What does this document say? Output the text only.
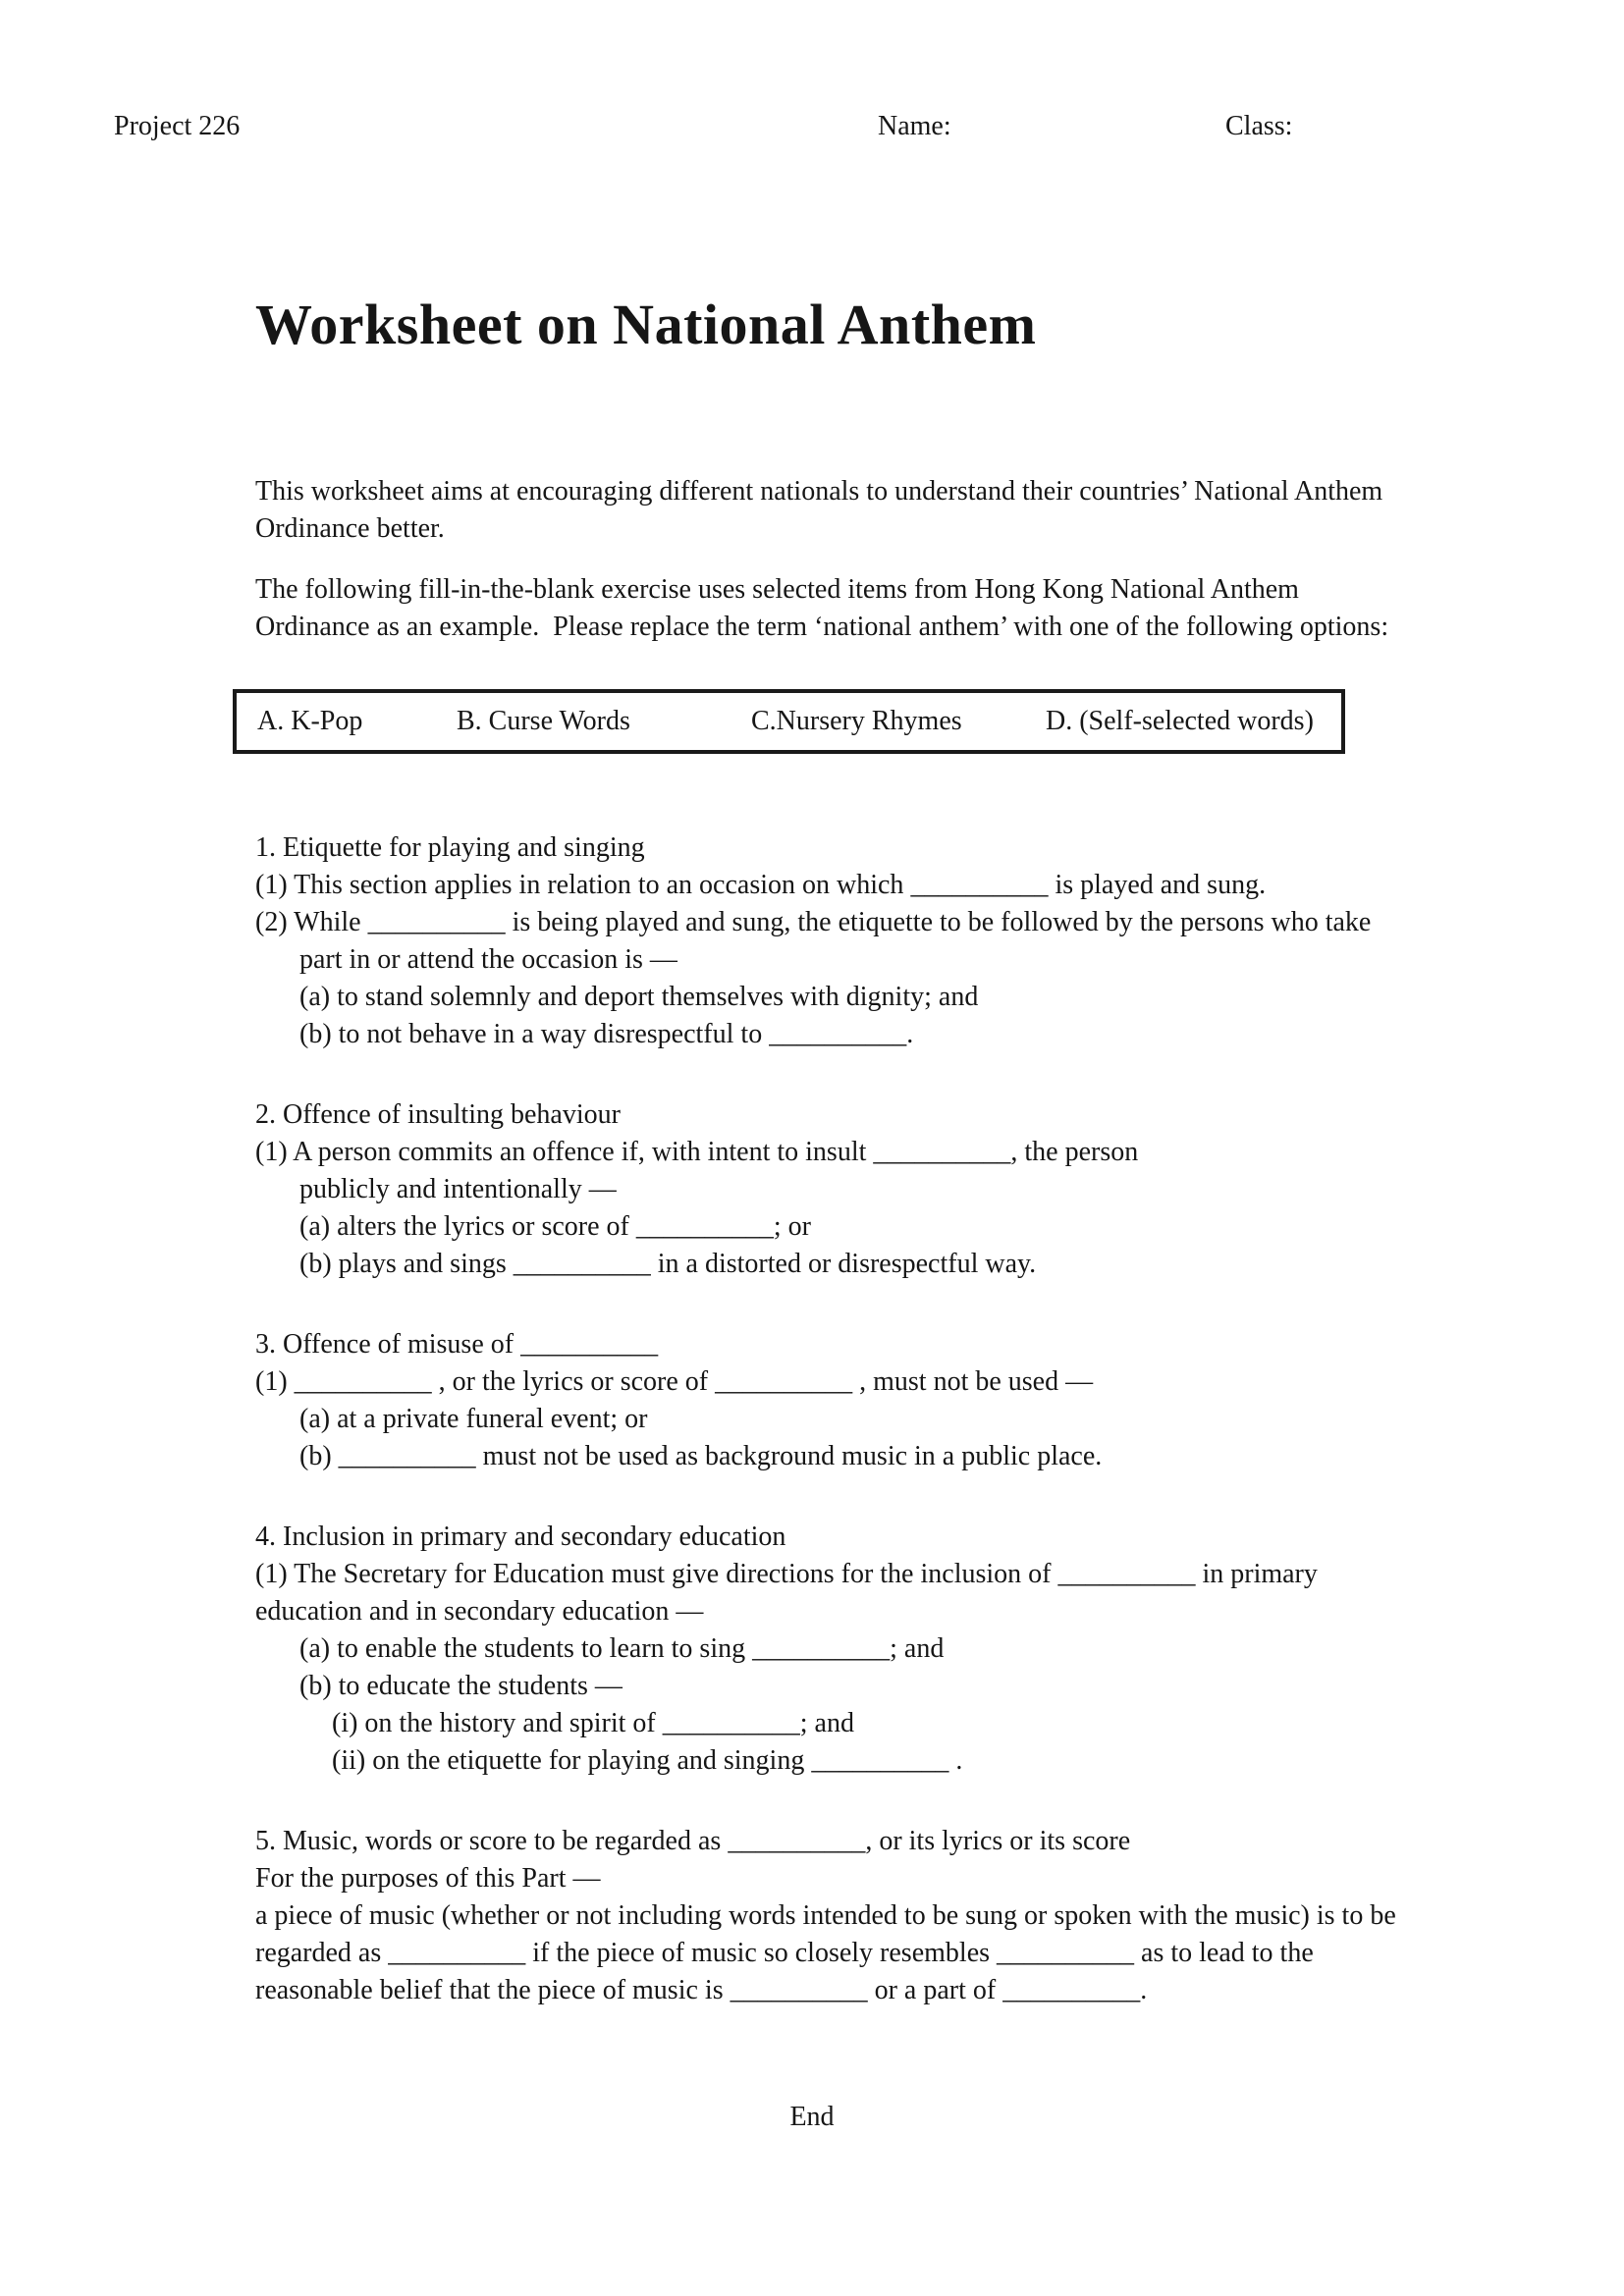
Project 226	Name:	Class:
Worksheet on National Anthem
This worksheet aims at encouraging different nationals to understand their countries’ National Anthem
Ordinance better.
The following fill-in-the-blank exercise uses selected items from Hong Kong National Anthem
Ordinance as an example.  Please replace the term ‘national anthem’ with one of the following options:
A. K-Pop	B. Curse Words	C.Nursery Rhymes	D. (Self-selected words)
1. Etiquette for playing and singing
(1) This section applies in relation to an occasion on which __________ is played and sung.
(2) While __________ is being played and sung, the etiquette to be followed by the persons who take
part in or attend the occasion is —
(a) to stand solemnly and deport themselves with dignity; and
(b) to not behave in a way disrespectful to __________.
2. Offence of insulting behaviour
(1) A person commits an offence if, with intent to insult __________, the person
publicly and intentionally —
(a) alters the lyrics or score of __________; or
(b) plays and sings __________ in a distorted or disrespectful way.
3. Offence of misuse of __________
(1) __________ , or the lyrics or score of __________ , must not be used —
(a) at a private funeral event; or
(b) __________ must not be used as background music in a public place.
4. Inclusion in primary and secondary education
(1) The Secretary for Education must give directions for the inclusion of __________ in primary
education and in secondary education —
(a) to enable the students to learn to sing __________; and
(b) to educate the students —
(i) on the history and spirit of __________; and
(ii) on the etiquette for playing and singing __________ .
5. Music, words or score to be regarded as __________, or its lyrics or its score
For the purposes of this Part —
a piece of music (whether or not including words intended to be sung or spoken with the music) is to be
regarded as __________ if the piece of music so closely resembles __________ as to lead to the
reasonable belief that the piece of music is __________ or a part of __________.
End
